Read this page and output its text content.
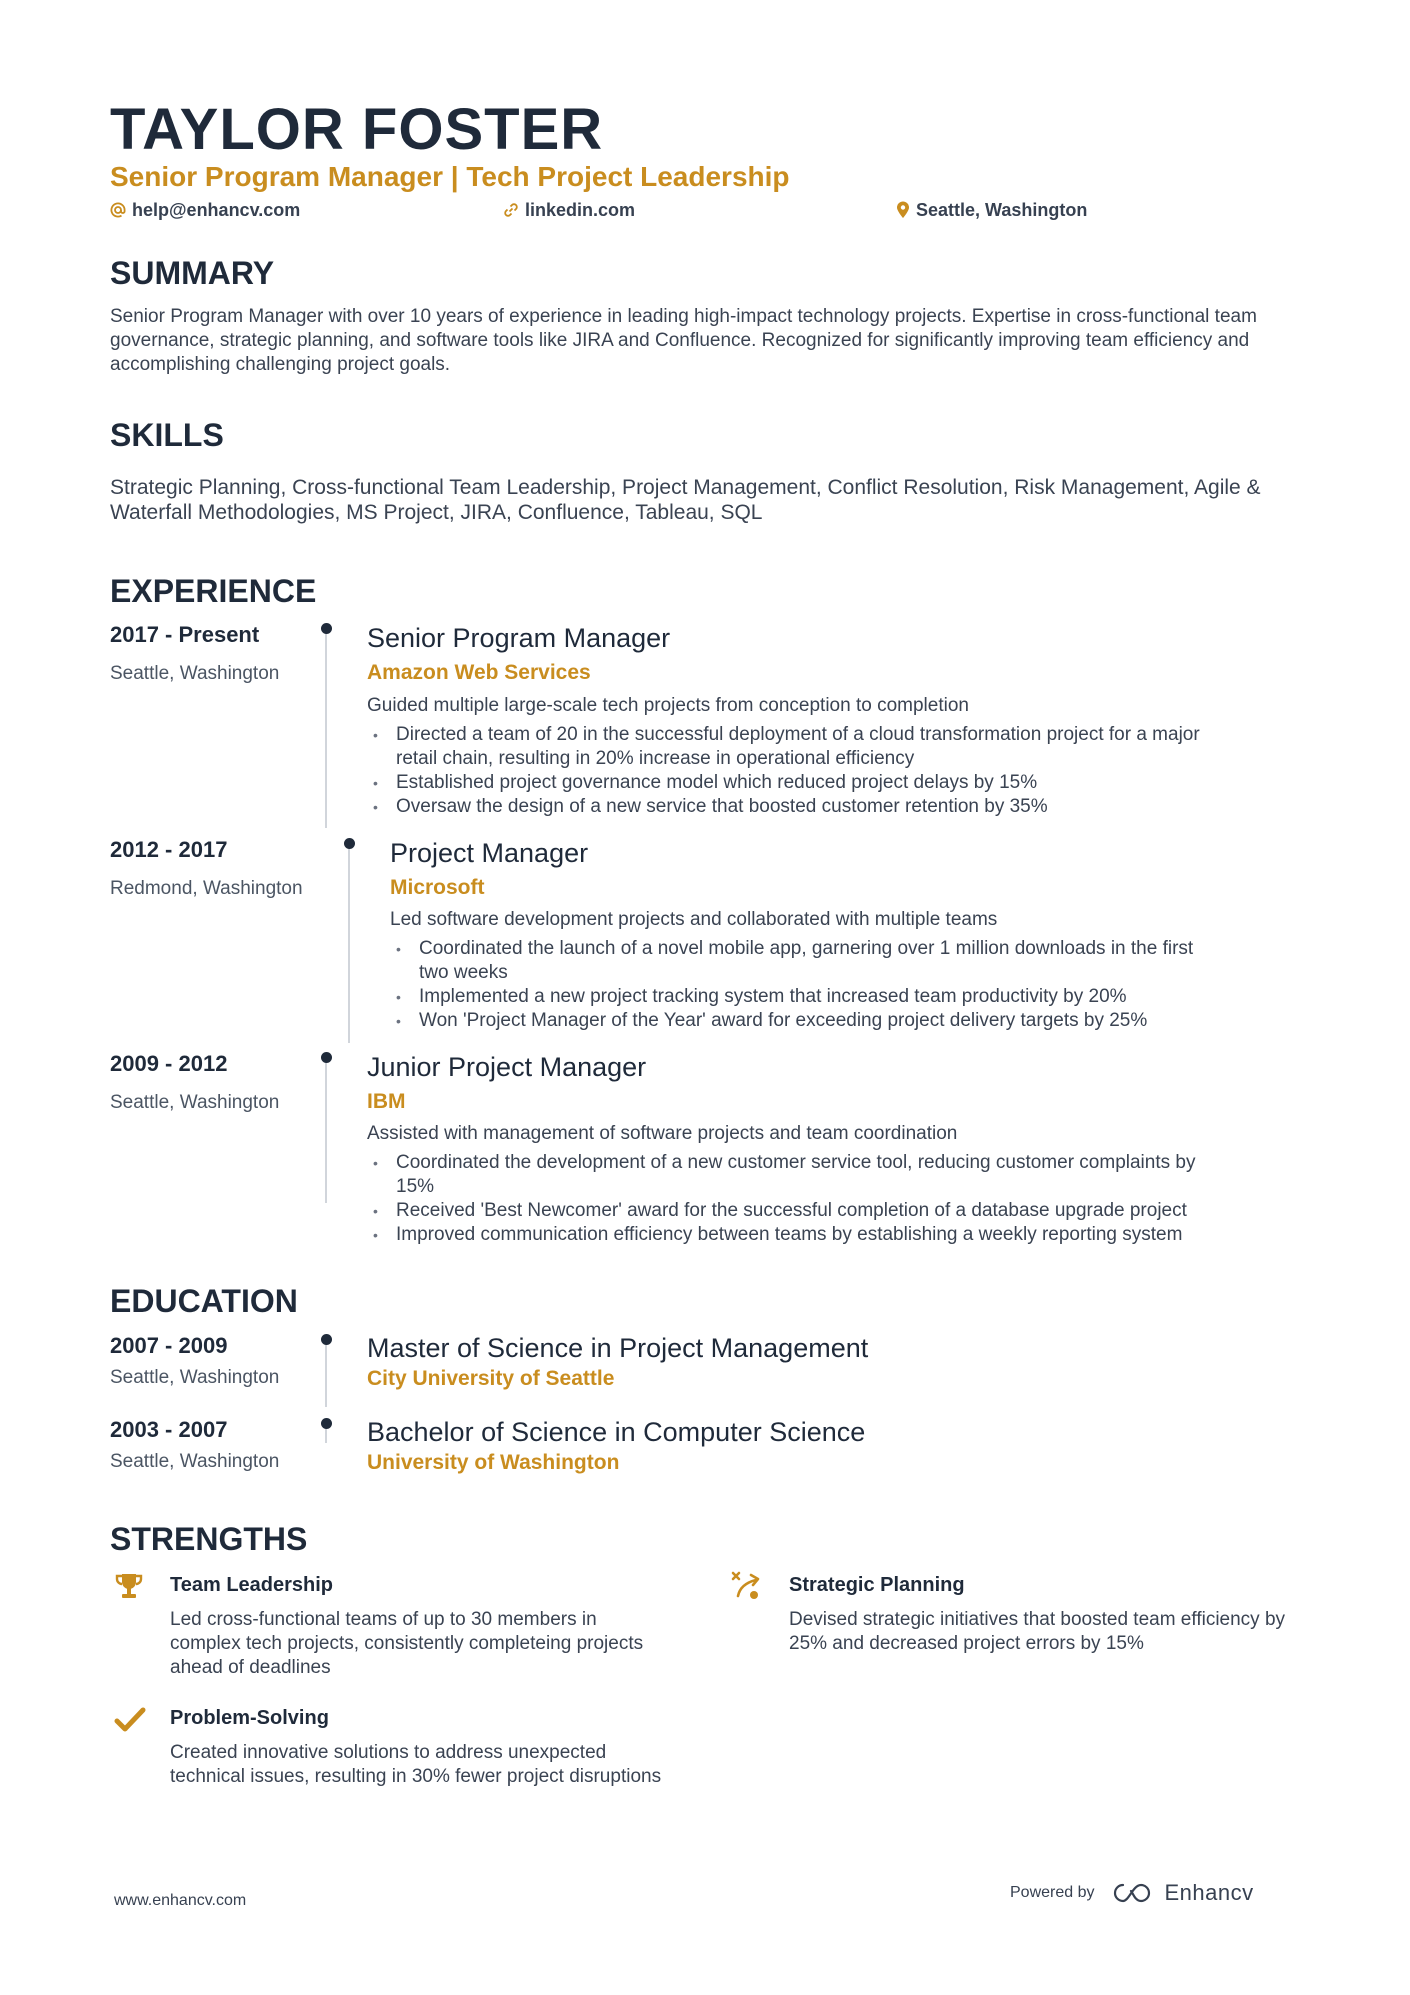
TAYLOR FOSTER
Senior Program Manager | Tech Project Leadership
help@enhancv.com	linkedin.com	Seattle, Washington
SUMMARY
Senior Program Manager with over 10 years of experience in leading high-impact technology projects. Expertise in cross-functional team governance, strategic planning, and software tools like JIRA and Confluence. Recognized for significantly improving team efficiency and accomplishing challenging project goals.
SKILLS
Strategic Planning, Cross-functional Team Leadership, Project Management, Conflict Resolution, Risk Management, Agile & Waterfall Methodologies, MS Project, JIRA, Confluence, Tableau, SQL
EXPERIENCE
2017 - Present
Seattle, Washington
Senior Program Manager
Amazon Web Services
Guided multiple large-scale tech projects from conception to completion
• Directed a team of 20 in the successful deployment of a cloud transformation project for a major retail chain, resulting in 20% increase in operational efficiency
• Established project governance model which reduced project delays by 15%
• Oversaw the design of a new service that boosted customer retention by 35%
2012 - 2017
Redmond, Washington
Project Manager
Microsoft
Led software development projects and collaborated with multiple teams
• Coordinated the launch of a novel mobile app, garnering over 1 million downloads in the first two weeks
• Implemented a new project tracking system that increased team productivity by 20%
• Won 'Project Manager of the Year' award for exceeding project delivery targets by 25%
2009 - 2012
Seattle, Washington
Junior Project Manager
IBM
Assisted with management of software projects and team coordination
• Coordinated the development of a new customer service tool, reducing customer complaints by 15%
• Received 'Best Newcomer' award for the successful completion of a database upgrade project
• Improved communication efficiency between teams by establishing a weekly reporting system
EDUCATION
2007 - 2009
Seattle, Washington
Master of Science in Project Management
City University of Seattle
2003 - 2007
Seattle, Washington
Bachelor of Science in Computer Science
University of Washington
STRENGTHS
Team Leadership
Led cross-functional teams of up to 30 members in complex tech projects, consistently completeing projects ahead of deadlines
Strategic Planning
Devised strategic initiatives that boosted team efficiency by 25% and decreased project errors by 15%
Problem-Solving
Created innovative solutions to address unexpected technical issues, resulting in 30% fewer project disruptions
www.enhancv.com	Powered by	Enhancv
